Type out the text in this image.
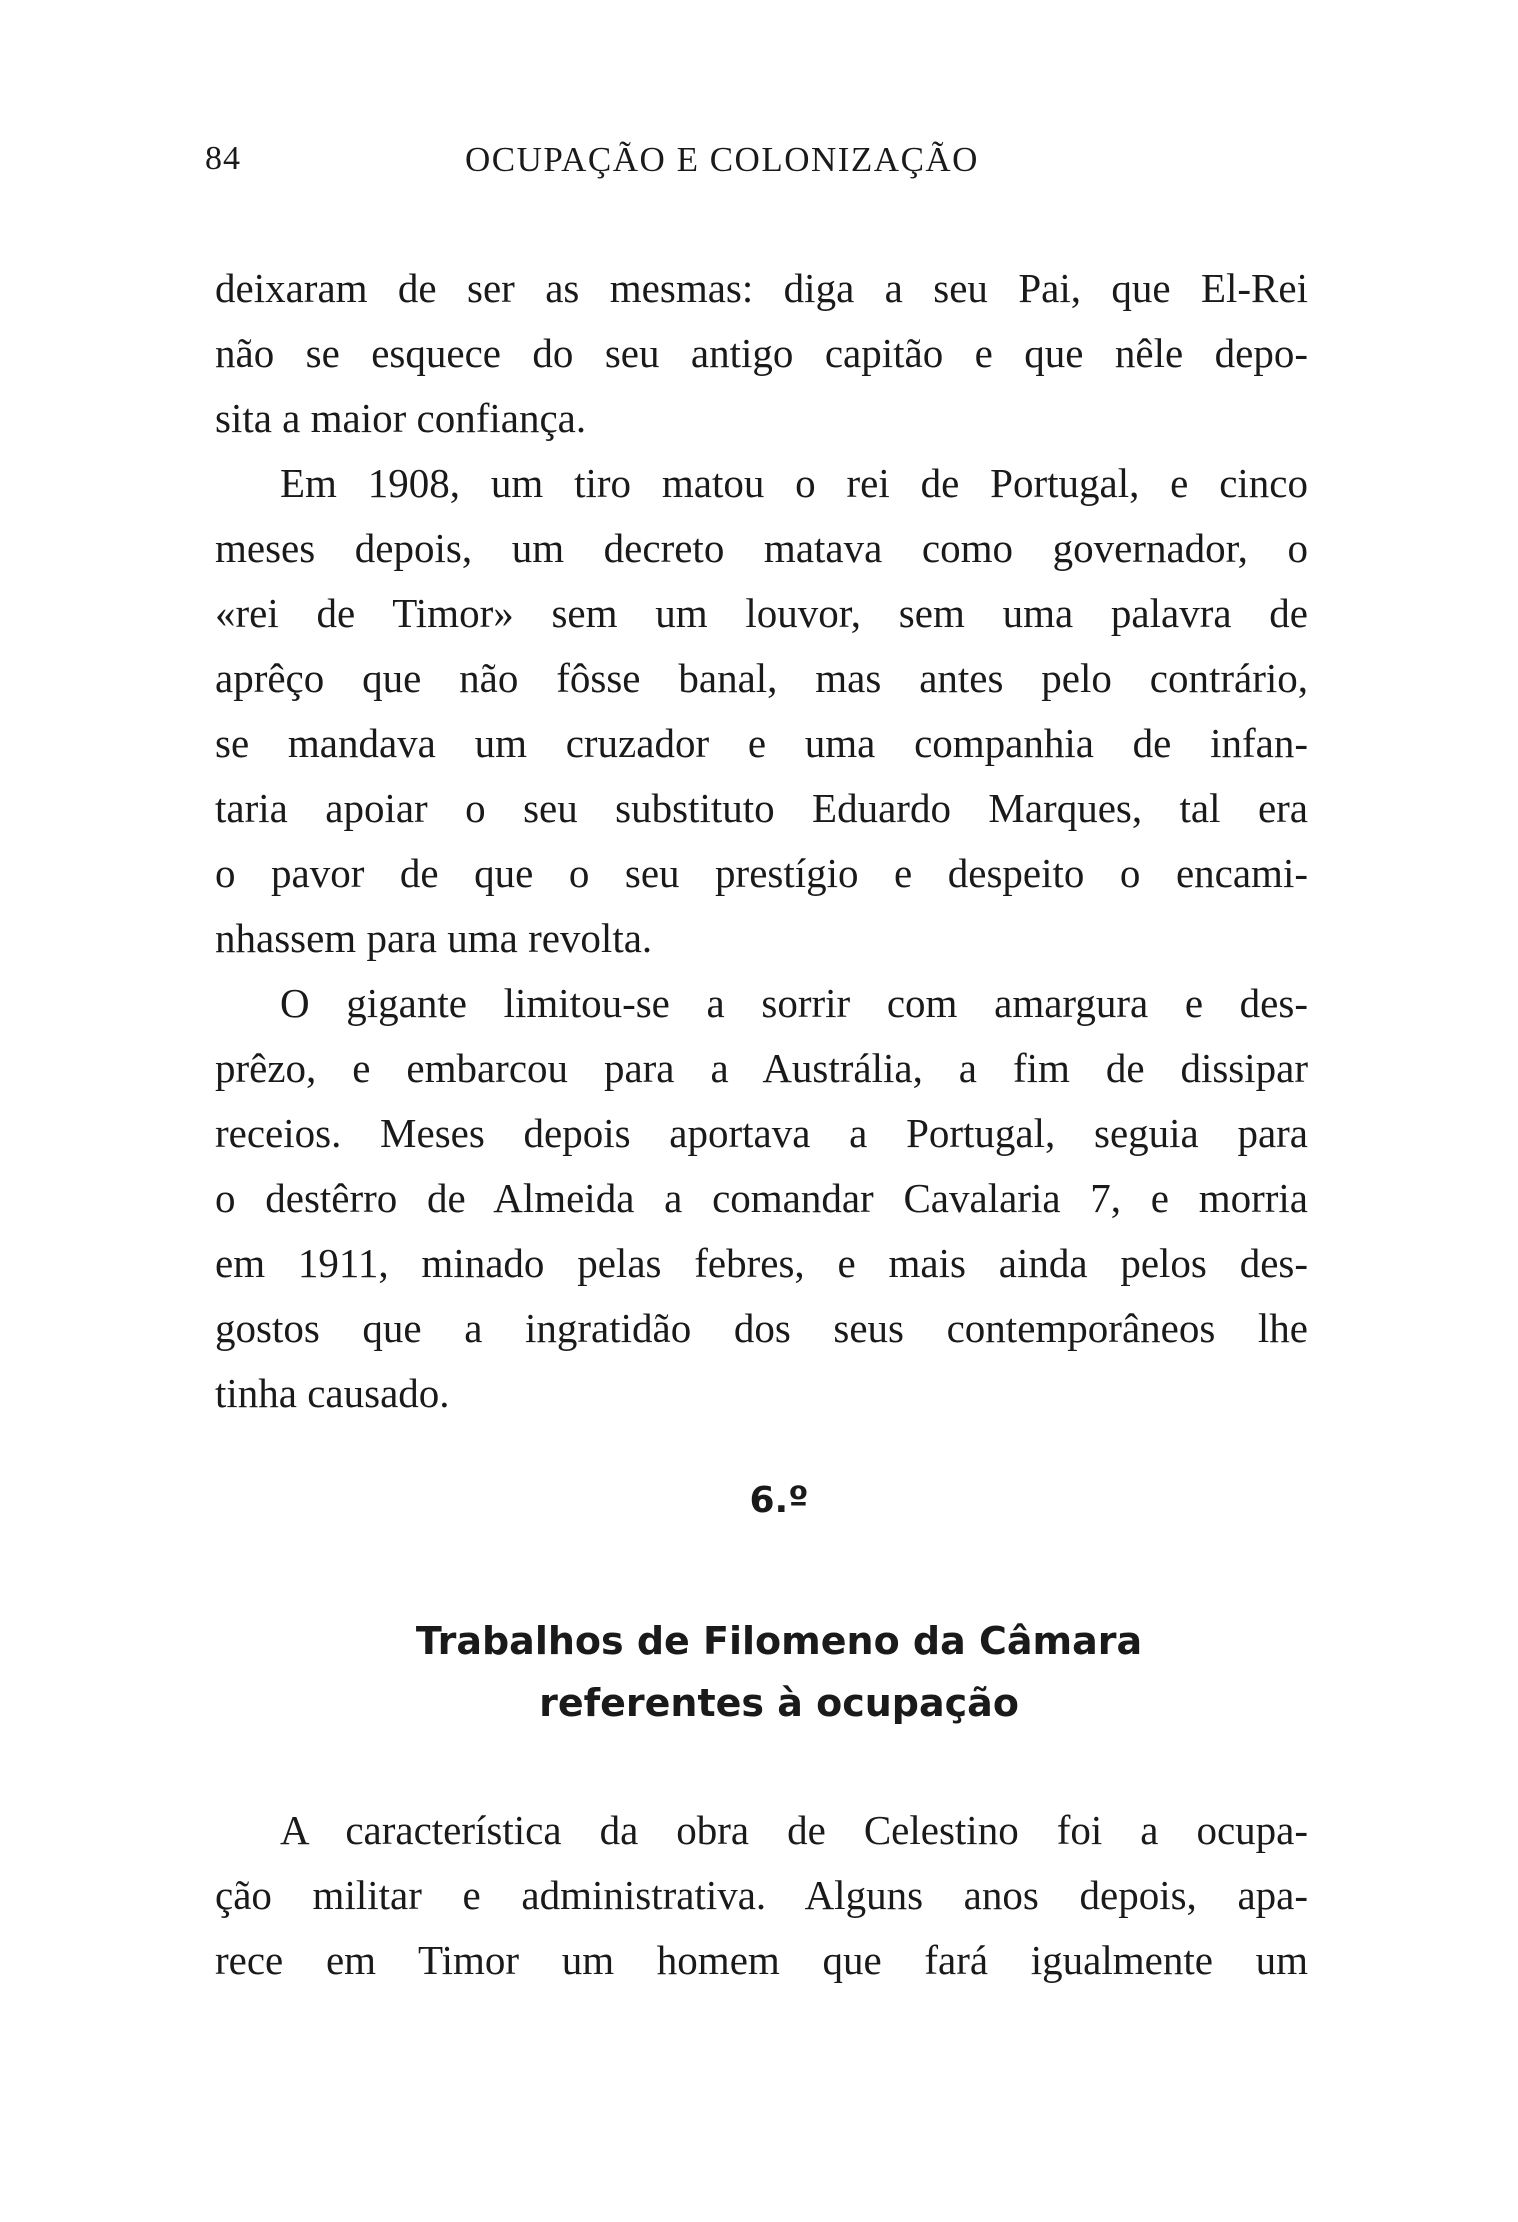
84	OCUPAÇÃO E COLONIZAÇÃO
deixaram de ser as mesmas: diga a seu Pai, que El-Rei
não se esquece do seu antigo capitão e que nêle depo-
sita a maior confiança.
Em 1908, um tiro matou o rei de Portugal, e cinco
meses depois, um decreto matava como governador, o
«rei de Timor» sem um louvor, sem uma palavra de
aprêço que não fôsse banal, mas antes pelo contrário,
se mandava um cruzador e uma companhia de infan-
taria apoiar o seu substituto Eduardo Marques, tal era
o pavor de que o seu prestígio e despeito o encami-
nhassem para uma revolta.
O gigante limitou-se a sorrir com amargura e des-
prêzo, e embarcou para a Austrália, a fim de dissipar
receios. Meses depois aportava a Portugal, seguia para
o destêrro de Almeida a comandar Cavalaria 7, e morria
em 1911, minado pelas febres, e mais ainda pelos des-
gostos que a ingratidão dos seus contemporâneos lhe
tinha causado.
6.º
Trabalhos de Filomeno da Câmara
referentes à ocupação
A característica da obra de Celestino foi a ocupa-
ção militar e administrativa. Alguns anos depois, apa-
rece em Timor um homem que fará igualmente um
